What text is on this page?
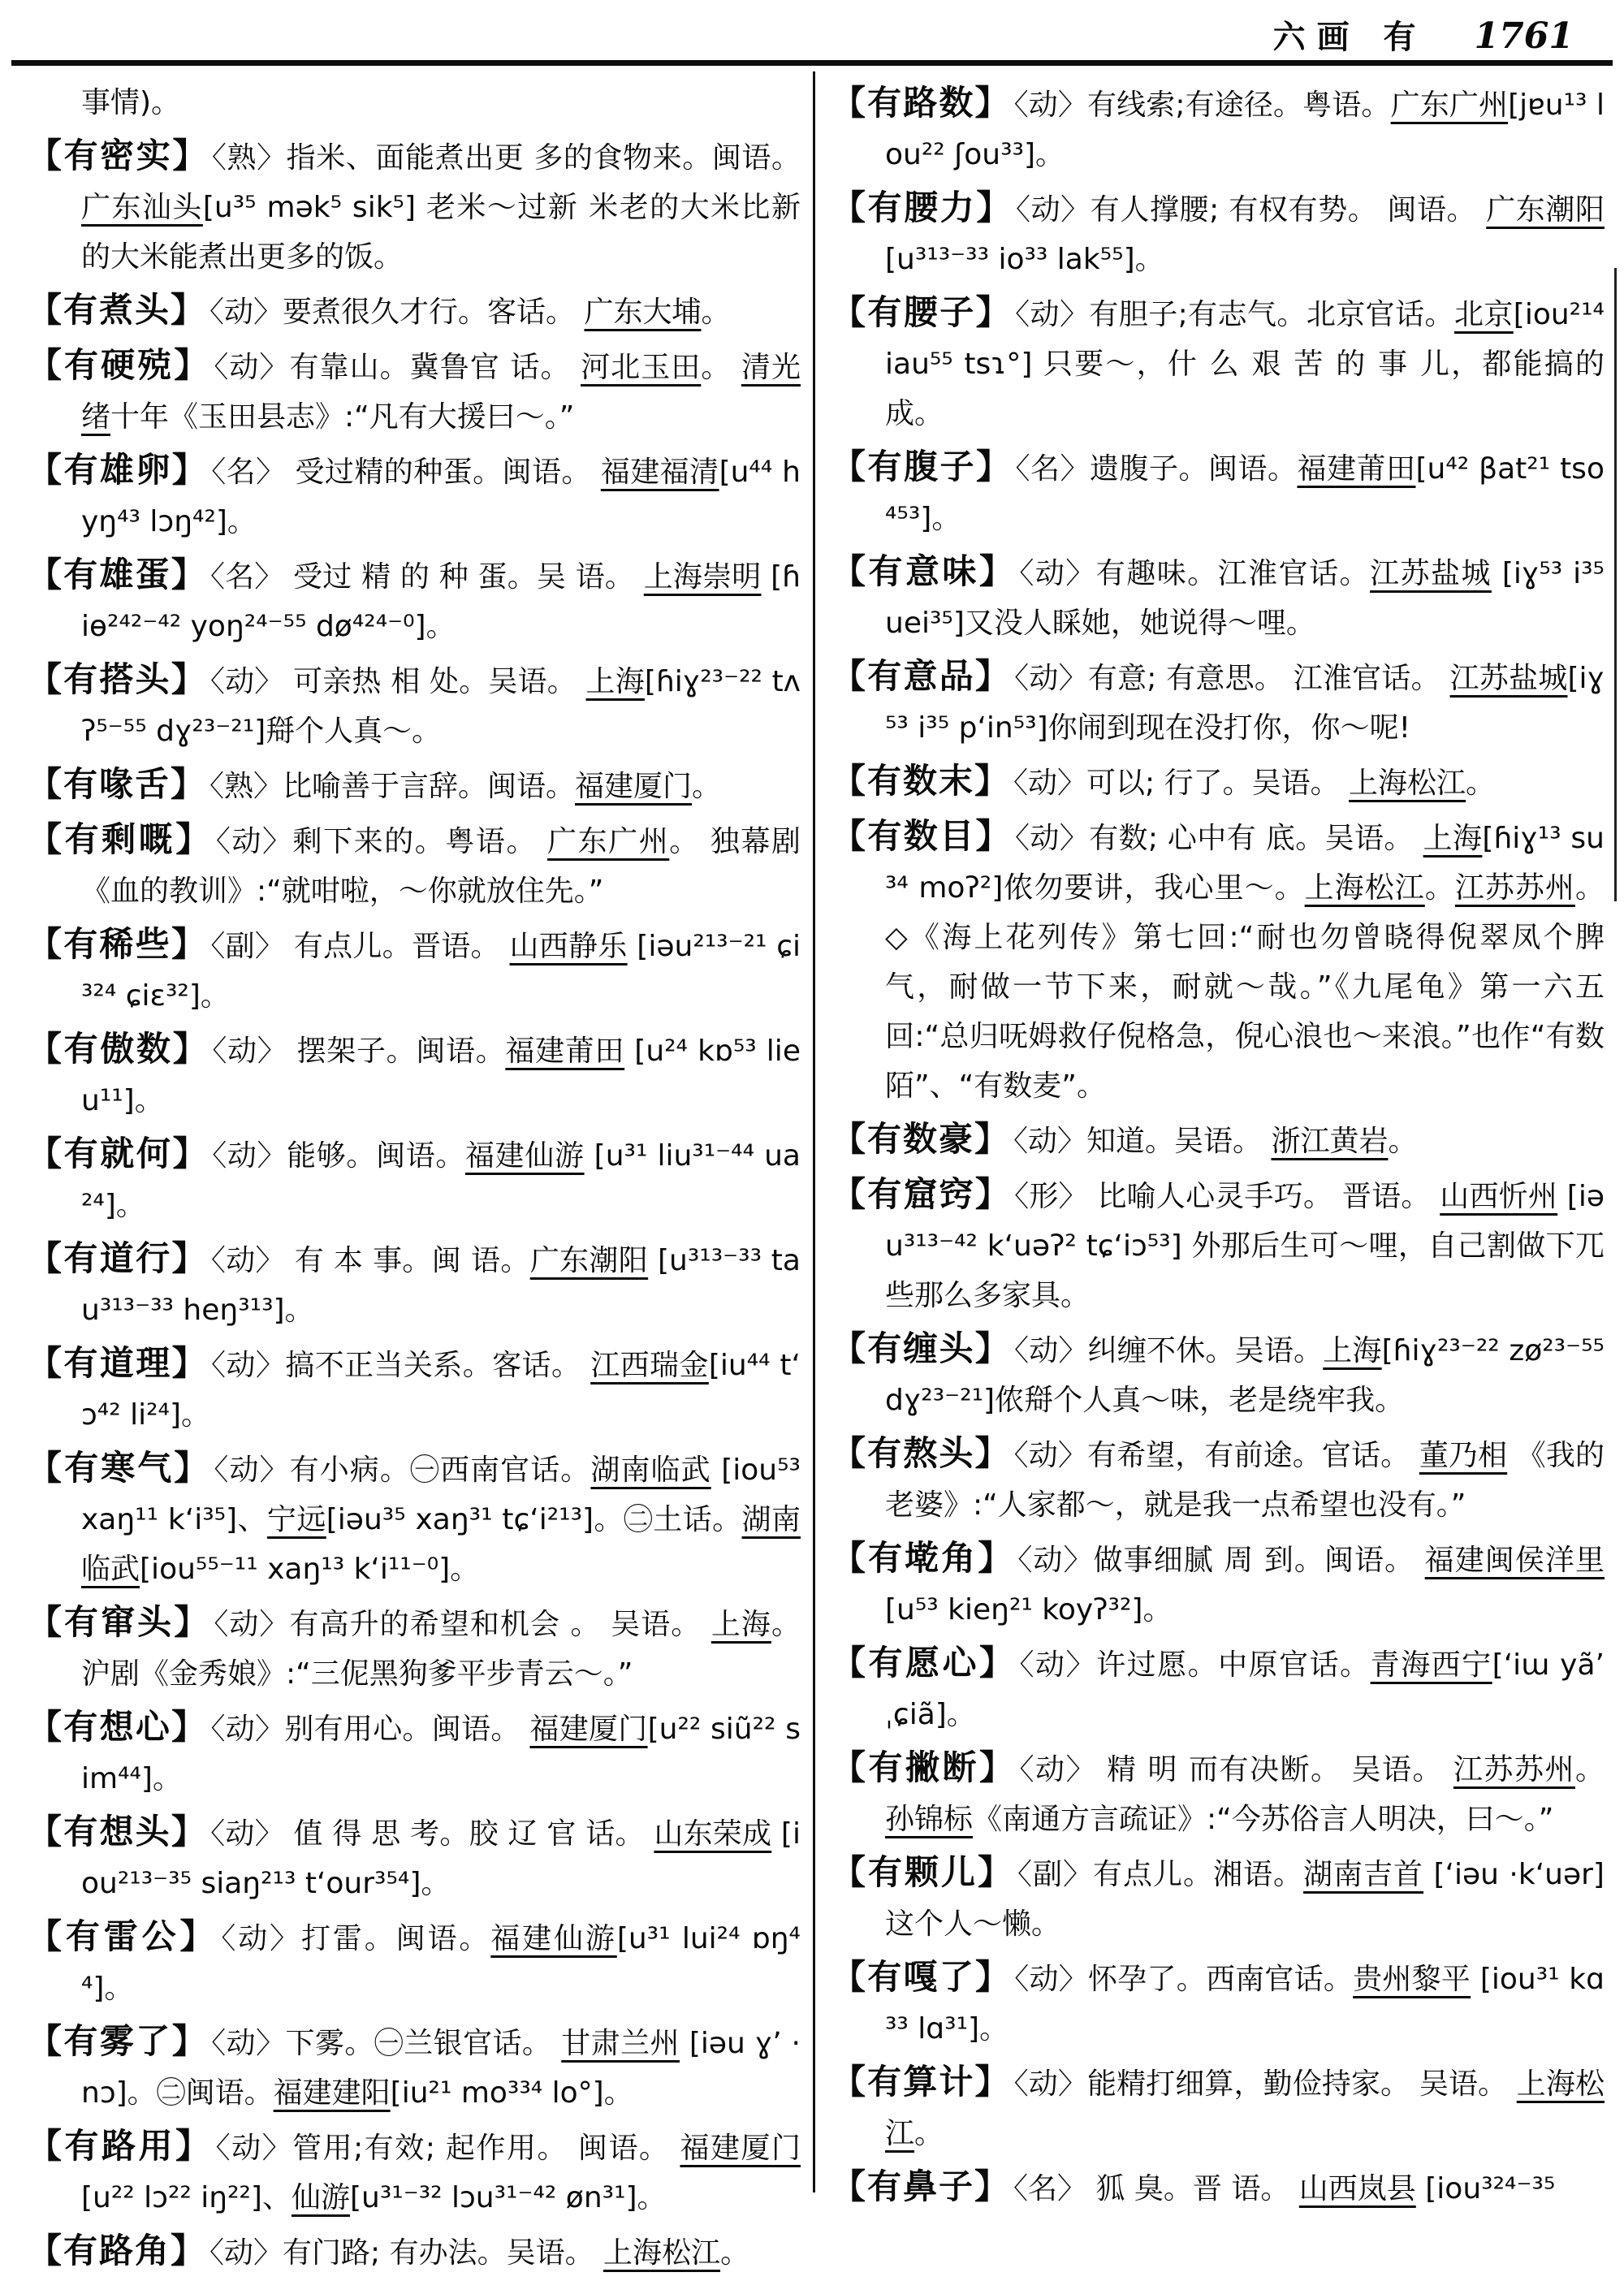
六画 有 1761
事情)。
【有密实】 〈熟〉指米、面能煮出更 多的食物来。闽语。广东汕头[u³⁵ mək⁵ sik⁵] 老米～过新 米老的大米比新的大米能煮出更多的饭。
【有煮头】 〈动〉要煮很久才行。客话。 广东大埔。
【有硬殑】 〈动〉有靠山。冀鲁官 话。 河北玉田。 清光绪十年《玉田县志》:“凡有大援曰～。”
【有雄卵】 〈名〉 受过精的种蛋。闽语。 福建福清[u⁴⁴ hyŋ⁴³ lɔŋ⁴²]。
【有雄蛋】 〈名〉 受过 精 的 种 蛋。吴 语。 上海崇明 [ɦiɵ²⁴²⁻⁴² yoŋ²⁴⁻⁵⁵ dø⁴²⁴⁻⁰]。
【有搭头】 〈动〉 可亲热 相 处。吴语。 上海[ɦiɣ²³⁻²² tʌʔ⁵⁻⁵⁵ dɣ²³⁻²¹]搿个人真～。
【有喙舌】 〈熟〉比喻善于言辞。闽语。福建厦门。
【有剩嘅】 〈动〉剩下来的。粤语。 广东广州。 独幕剧《血的教训》:“就咁啦，～你就放住先。”
【有稀些】 〈副〉 有点儿。晋语。 山西静乐 [iəu²¹³⁻²¹ ɕi³²⁴ ɕiɛ³²]。
【有傲数】 〈动〉 摆架子。闽语。福建莆田 [u²⁴ kɒ⁵³ lieu¹¹]。
【有就何】 〈动〉能够。闽语。福建仙游 [u³¹ liu³¹⁻⁴⁴ ua²⁴]。
【有道行】 〈动〉 有 本 事。闽 语。广东潮阳 [u³¹³⁻³³ tau³¹³⁻³³ heŋ³¹³]。
【有道理】 〈动〉搞不正当关系。客话。 江西瑞金[iu⁴⁴ tʻɔ⁴² li²⁴]。
【有寒气】 〈动〉有小病。㊀西南官话。湖南临武 [iou⁵³ xaŋ¹¹ kʻi³⁵]、宁远[iəu³⁵ xaŋ³¹ tɕʻi²¹³]。㊁土话。湖南临武[iou⁵⁵⁻¹¹ xaŋ¹³ kʻi¹¹⁻⁰]。
【有窜头】 〈动〉有高升的希望和机会 。 吴语。 上海。沪剧《金秀娘》:“三伲黑狗爹平步青云～。”
【有想心】 〈动〉别有用心。闽语。 福建厦门[u²² siũ²² sim⁴⁴]。
【有想头】 〈动〉 值 得 思 考。胶 辽 官 话。 山东荣成 [iou²¹³⁻³⁵ siaŋ²¹³ tʻour³⁵⁴]。
【有雷公】 〈动〉打雷。闽语。福建仙游[u³¹ lui²⁴ ɒŋ⁴⁴]。
【有雾了】 〈动〉下雾。㊀兰银官话。 甘肃兰州 [iəu ɣ’ ·nɔ]。㊁闽语。福建建阳[iu²¹ mo³³⁴ lo°]。
【有路用】 〈动〉管用;有效; 起作用。 闽语。 福建厦门 [u²² lɔ²² iŋ²²]、仙游[u³¹⁻³² lɔu³¹⁻⁴² øn³¹]。
【有路角】 〈动〉有门路; 有办法。吴语。 上海松江。
【有路数】 〈动〉有线索;有途径。粤语。广东广州[jɐu¹³ lou²² ʃou³³]。
【有腰力】 〈动〉有人撑腰; 有权有势。 闽语。 广东潮阳[u³¹³⁻³³ io³³ lak⁵⁵]。
【有腰子】 〈动〉有胆子;有志气。北京官话。北京[iou²¹⁴ iau⁵⁵ tsɿ°] 只要～，什 么 艰 苦 的 事 儿，都能搞的成。
【有腹子】 〈名〉遗腹子。闽语。福建莆田[u⁴² βat²¹ tso⁴⁵³]。
【有意味】 〈动〉有趣味。江淮官话。江苏盐城 [iɣ⁵³ i³⁵ uei³⁵]又没人睬她，她说得～哩。
【有意品】 〈动〉有意; 有意思。 江淮官话。 江苏盐城[iɣ⁵³ i³⁵ pʻin⁵³]你闹到现在没打你，你～呢!
【有数末】 〈动〉可以; 行了。吴语。 上海松江。
【有数目】 〈动〉有数; 心中有 底。吴语。 上海[ɦiɣ¹³ su³⁴ moʔ²]侬勿要讲，我心里～。上海松江。江苏苏州。◇《海上花列传》第七回:“耐也勿曾晓得倪翠凤个脾气，耐做一节下来，耐就～哉。”《九尾龟》第一六五回:“总归呒姆救仔倪格急，倪心浪也～来浪。”也作“有数陌”、“有数麦”。
【有数豪】 〈动〉知道。吴语。 浙江黄岩。
【有窟窍】 〈形〉 比喻人心灵手巧。 晋语。 山西忻州 [iəu³¹³⁻⁴² kʻuəʔ² tɕʻiɔ⁵³] 外那后生可～哩，自己割做下兀些那么多家具。
【有缠头】 〈动〉纠缠不休。吴语。上海[ɦiɣ²³⁻²² zø²³⁻⁵⁵ dɣ²³⁻²¹]侬搿个人真～味，老是绕牢我。
【有熬头】 〈动〉有希望，有前途。官话。 董乃相 《我的老婆》:“人家都～，就是我一点希望也没有。”
【有墘角】 〈动〉做事细腻 周 到。闽语。 福建闽侯洋里 [u⁵³ kieŋ²¹ koyʔ³²]。
【有愿心】 〈动〉许过愿。中原官话。青海西宁[ʻiɯ yã’ ˌɕiã]。
【有撇断】 〈动〉 精 明 而有决断。 吴语。 江苏苏州。 孙锦标《南通方言疏证》:“今苏俗言人明决，曰～。”
【有颗儿】 〈副〉有点儿。湘语。湖南吉首 [ʻiəu ·kʻuər] 这个人～懒。
【有嘎了】 〈动〉怀孕了。西南官话。贵州黎平 [iou³¹ kɑ³³ lɑ³¹]。
【有算计】 〈动〉能精打细算，勤俭持家。 吴语。 上海松江。
【有鼻子】 〈名〉 狐 臭。晋 语。 山西岚县 [iou³²⁴⁻³⁵
